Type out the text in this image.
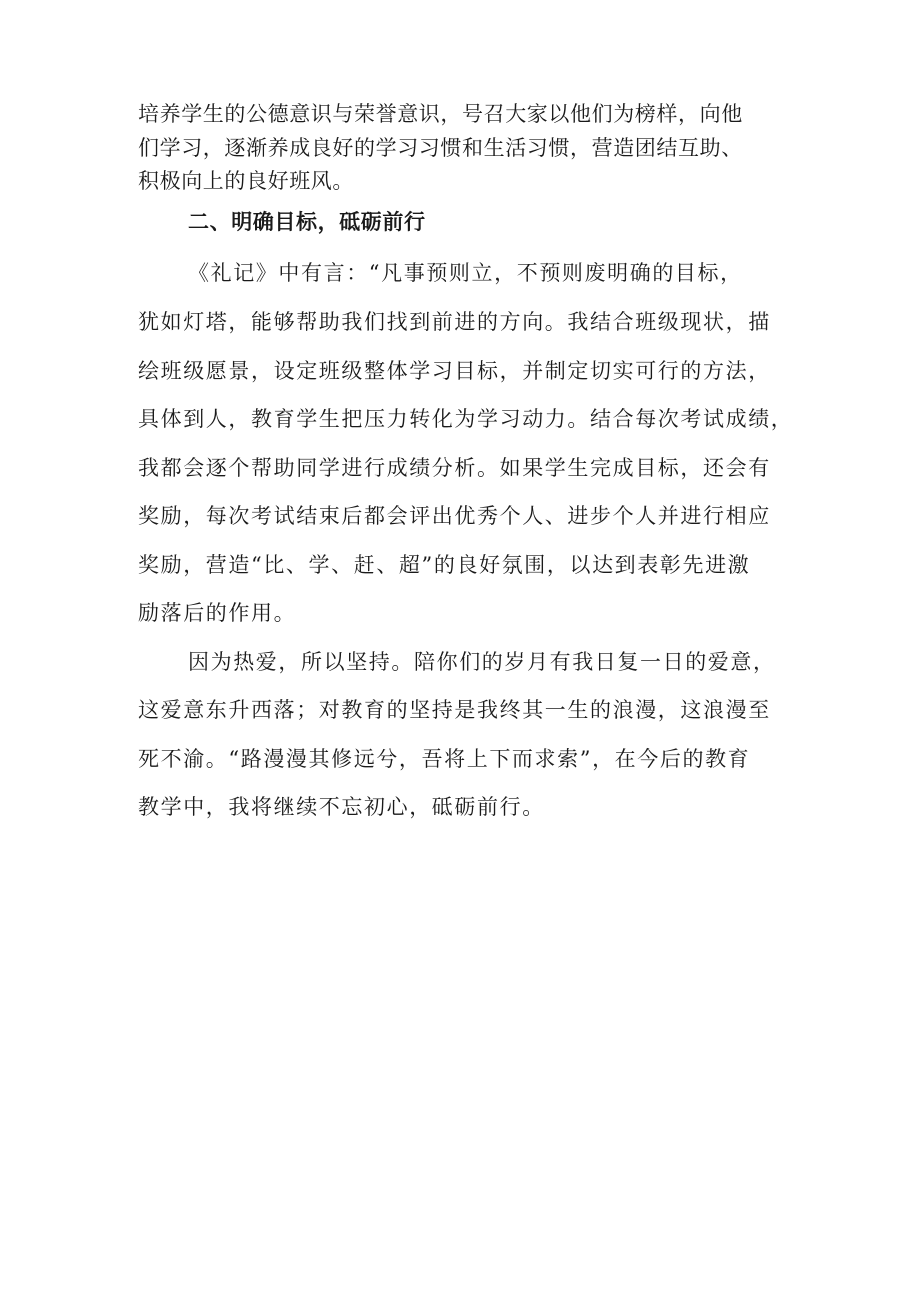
培养学生的公德意识与荣誉意识，号召大家以他们为榜样，向他

们学习，逐渐养成良好的学习习惯和生活习惯，营造团结互助、

积极向上的良好班风。

二、明确目标，砥砺前行

《礼记》中有言：“凡事预则立，不预则废明确的目标，

犹如灯塔，能够帮助我们找到前进的方向。我结合班级现状，描

绘班级愿景，设定班级整体学习目标，并制定切实可行的方法，

具体到人，教育学生把压力转化为学习动力。结合每次考试成绩，

我都会逐个帮助同学进行成绩分析。如果学生完成目标，还会有

奖励，每次考试结束后都会评出优秀个人、进步个人并进行相应

奖励，营造“比、学、赶、超”的良好氛围，以达到表彰先进激

励落后的作用。

因为热爱，所以坚持。陪你们的岁月有我日复一日的爱意，

这爱意东升西落；对教育的坚持是我终其一生的浪漫，这浪漫至

死不渝。“路漫漫其修远兮，吾将上下而求索”，在今后的教育

教学中，我将继续不忘初心，砥砺前行。
